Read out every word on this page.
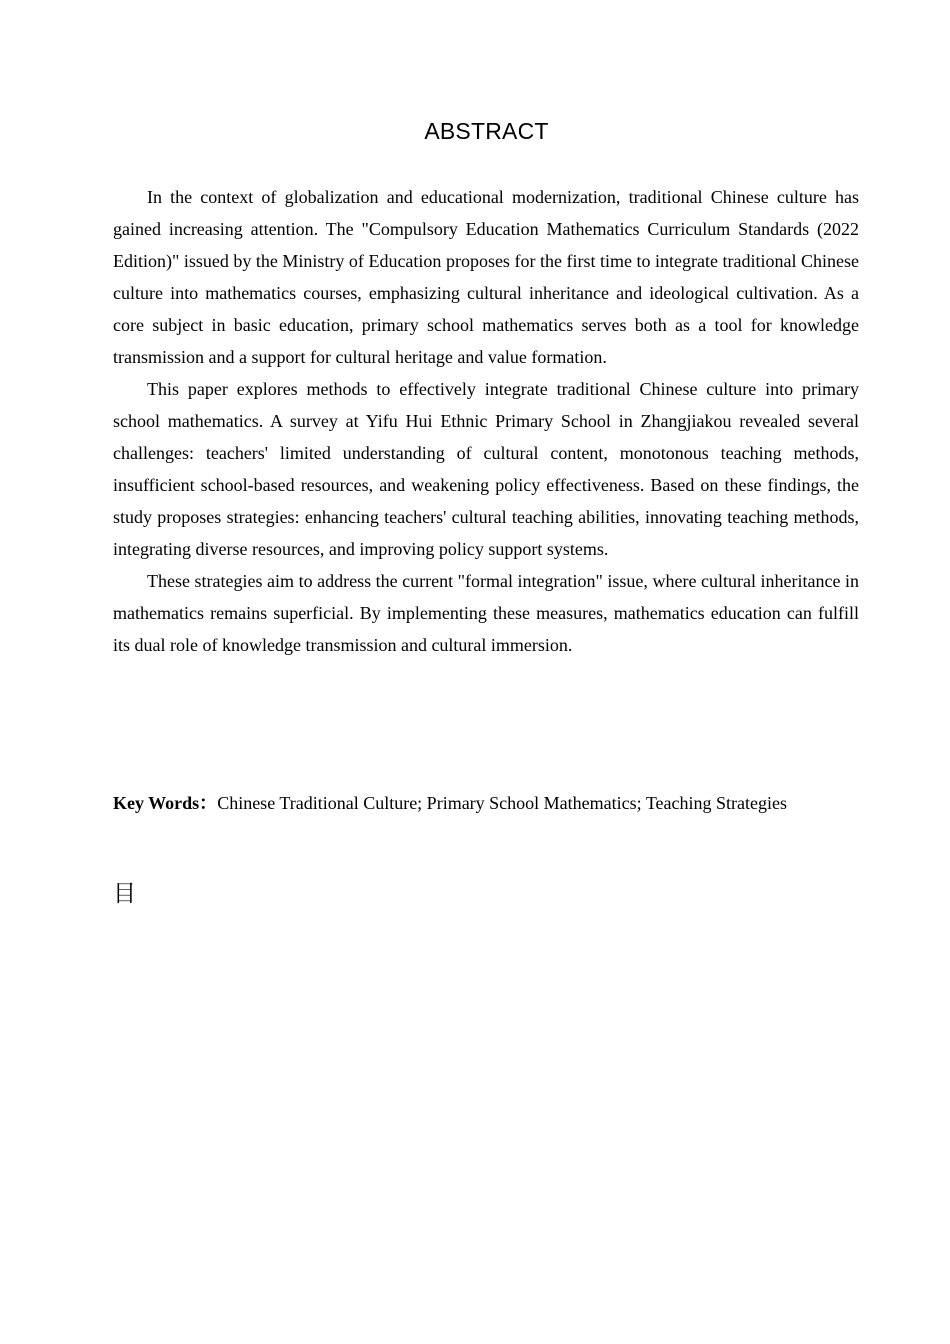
ABSTRACT

In the context of globalization and educational modernization, traditional Chinese culture has gained increasing attention. The "Compulsory Education Mathematics Curriculum Standards (2022 Edition)" issued by the Ministry of Education proposes for the first time to integrate traditional Chinese culture into mathematics courses, emphasizing cultural inheritance and ideological cultivation. As a core subject in basic education, primary school mathematics serves both as a tool for knowledge transmission and a support for cultural heritage and value formation.

This paper explores methods to effectively integrate traditional Chinese culture into primary school mathematics. A survey at Yifu Hui Ethnic Primary School in Zhangjiakou revealed several challenges: teachers' limited understanding of cultural content, monotonous teaching methods, insufficient school-based resources, and weakening policy effectiveness. Based on these findings, the study proposes strategies: enhancing teachers' cultural teaching abilities, innovating teaching methods, integrating diverse resources, and improving policy support systems.

These strategies aim to address the current "formal integration" issue, where cultural inheritance in mathematics remains superficial. By implementing these measures, mathematics education can fulfill its dual role of knowledge transmission and cultural immersion.

Key Words：Chinese Traditional Culture; Primary School Mathematics; Teaching Strategies
目
